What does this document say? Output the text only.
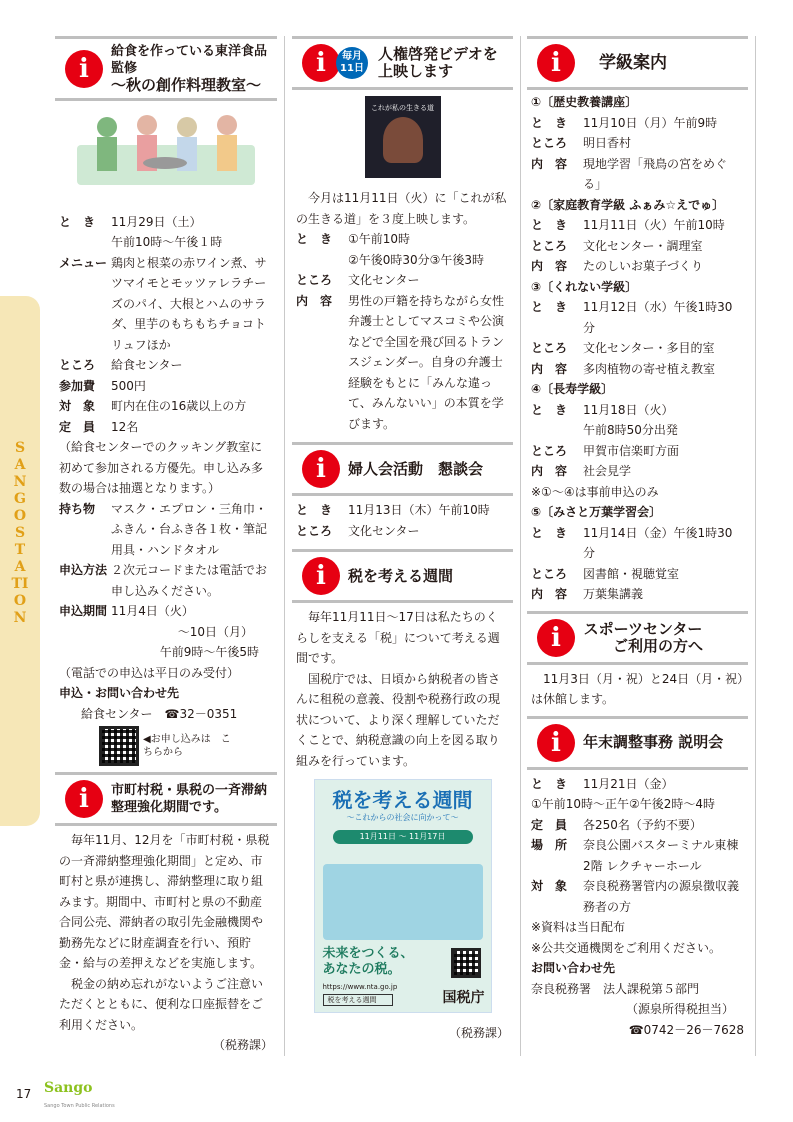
SANGO STATION
i
給食を作っている東洋食品 監修
～秋の創作料理教室～
と　き	11月29日（土）
午前10時～午後１時
メニュー 鶏肉と根菜の赤ワイン煮、サツマイモとモッツァレラチーズのパイ、大根とハムのサラダ、里芋のもちもちチョコトリュフほか
ところ	給食センター
参加費	500円
対　象	町内在住の16歳以上の方
定　員	12名
（給食センターでのクッキング教室に初めて参加される方優先。申し込み多数の場合は抽選となります。）
持ち物	マスク・エプロン・三角巾・ふきん・台ふき各１枚・筆記用具・ハンドタオル
申込方法 ２次元コードまたは電話でお申し込みください。
申込期間 11月4日（火）
～10日（月）
午前9時～午後5時
（電話での申込は平日のみ受付）
申込・お問い合わせ先
給食センター　☎32－0351
◀お申し込みは　こちらから
i	市町村税・県税の一斉滞納
整理強化期間です。
毎年11月、12月を「市町村税・県税の一斉滞納整理強化期間」と定め、市町村と県が連携し、滞納整理に取り組みます。期間中、市町村と県の不動産合同公売、滞納者の取引先金融機関や勤務先などに財産調査を行い、預貯金・給与の差押えなどを実施します。
税金の納め忘れがないようご注意いただくとともに、便利な口座振替をご利用ください。
（税務課）
i	毎月11日
人権啓発ビデオを
上映します
これが私の生きる道
今月は11月11日（火）に「これが私の生きる道」を３度上映します。
と　き	①午前10時
②午後0時30分③午後3時
ところ	文化センター
内　容	男性の戸籍を持ちながら女性弁護士としてマスコミや公演などで全国を飛び回るトランスジェンダー。自身の弁護士経験をもとに「みんな違って、みんないい」の本質を学びます。
i	婦人会活動　懇談会
と　き	11月13日（木）午前10時
ところ	文化センター
i	税を考える週間
毎年11月11日～17日は私たちのくらしを支える「税」について考える週間です。
国税庁では、日頃から納税者の皆さんに租税の意義、役割や税務行政の現状について、より深く理解していただくことで、納税意識の向上を図る取り組みを行っています。
税を考える週間
～これからの社会に向かって～
11月11日 ～ 11月17日
未来をつくる、
あなたの税。
https://www.nta.go.jp
税を考える週間	国税庁
（税務課）
i	学級案内
①〔歴史教養講座〕
と　き	11月10日（月）午前9時
ところ	明日香村
内　容	現地学習「飛鳥の宮をめぐる」
②〔家庭教育学級 ふぁみ☆えでゅ〕
と　き	11月11日（火）午前10時
ところ	文化センター・調理室
内　容	たのしいお菓子づくり
③〔くれない学級〕
と　き	11月12日（水）午後1時30分
ところ	文化センター・多目的室
内　容	多肉植物の寄せ植え教室
④〔長寿学級〕
と　き	11月18日（火）
午前8時50分出発
ところ	甲賀市信楽町方面
内　容	社会見学
※①～④は事前申込のみ
⑤〔みさと万葉学習会〕
と　き	11月14日（金）午後1時30分
ところ	図書館・視聴覚室
内　容	万葉集講義
i	スポーツセンター
ご利用の方へ
11月3日（月・祝）と24日（月・祝）は休館します。
i	年末調整事務 説明会
と　き	11月21日（金）
①午前10時～正午②午後2時～4時
定　員	各250名（予約不要）
場　所	奈良公園バスターミナル東棟2階 レクチャーホール
対　象	奈良税務署管内の源泉徴収義務者の方
※資料は当日配布
※公共交通機関をご利用ください。
お問い合わせ先
奈良税務署　法人課税第５部門
（源泉所得税担当）
☎0742－26－7628
17 Sango
Sango Town Public Relations
